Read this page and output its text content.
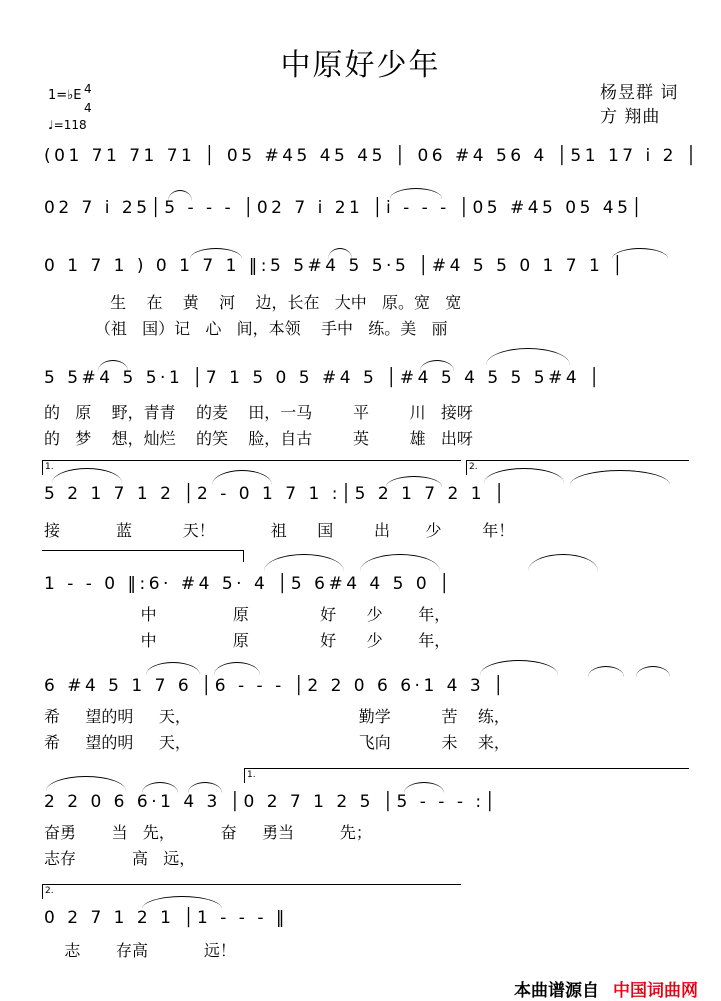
中原好少年
杨昱群 词
方 翔曲
1=♭E 4
4
♩=118
(01 71 71 71 │ 05 #45 45 45 │ 06 #4 56 4 │51 17 i 2 │
02 7 i 25│5 - - - │02 7 i 21 │i - - - │05 #45 05 45│
0 1 7 1 ) 0 1 7 1 ‖:5 5#4 5 5·5 │#4 5 5 0 1 7 1 │
生    在    黄    河    边，长在   大中   原。宽   宽
（祖   国）记   心   间，本领    手中   练。美   丽
5 5#4 5 5·1 │7 1 5 0 5 #4 5 │#4 5 4 5 5 5#4 │
的   原    野，青青    的麦    田，一马        平        川   接呀
的   梦    想，灿烂    的笑    脸，自古        英        雄   出呀
1.	2.
5 2 1 7 1 2 │2 - 0 1 7 1 :│5 2 1 7 2 1 │
接           蓝          天！           祖      国        出       少        年！
1 - - 0 ‖:6· #4 5· 4 │5 6#4 4 5 0 │
中               原              好      少       年，
中               原              好      少       年，
6 #4 5 1 7 6 │6 - - - │2 2 0 6 6·1 4 3 │
希     望的明     天，                                 勤学          苦    练，
希     望的明     天，                                 飞向          未    来，
1.
2 2 0 6 6·1 4 3 │0 2 7 1 2 5 │5 - - - :│
奋勇       当   先，         奋     勇当         先；
志存           高   远，
2.
0 2 7 1 2 1 │1 - - - ‖
志       存高           远！
本曲谱源自 中国词曲网
